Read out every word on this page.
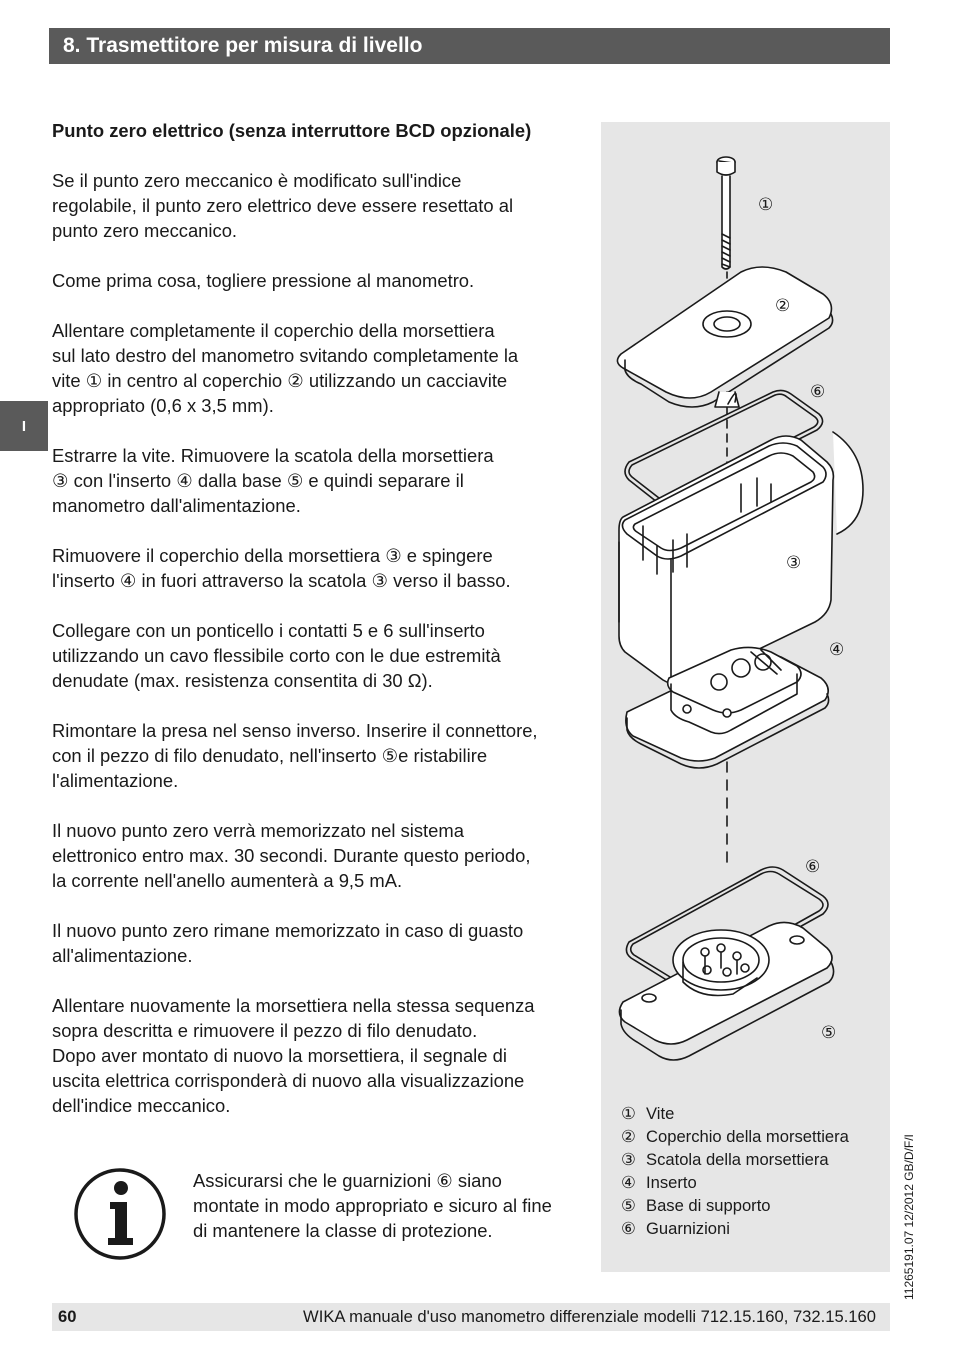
8. Trasmettitore per misura di livello
I
Punto zero elettrico (senza interruttore BCD opzionale)

Se il punto zero meccanico è modificato sull'indice
regolabile, il punto zero elettrico deve essere resettato al
punto zero meccanico.

Come prima cosa, togliere pressione al manometro.

Allentare completamente il coperchio della morsettiera
sul lato destro del manometro svitando completamente la
vite ① in centro al coperchio ② utilizzando un cacciavite
appropriato (0,6 x 3,5 mm).

Estrarre la vite. Rimuovere la scatola della morsettiera
③ con l'inserto ④ dalla base ⑤ e quindi separare il
manometro dall'alimentazione.

Rimuovere il coperchio della morsettiera ③ e spingere
l'inserto ④ in fuori attraverso la scatola ③ verso il basso.

Collegare con un ponticello i contatti 5 e 6 sull'inserto
utilizzando un cavo flessibile corto con le due estremità
denudate (max. resistenza consentita di 30 Ω).

Rimontare la presa nel senso inverso. Inserire il connettore,
con il pezzo di filo denudato, nell'inserto ⑤e ristabilire
l'alimentazione.

Il nuovo punto zero verrà memorizzato nel sistema
elettronico entro max. 30 secondi. Durante questo periodo,
la corrente nell'anello aumenterà a 9,5 mA.

Il nuovo punto zero rimane memorizzato in caso di guasto
all'alimentazione.

Allentare nuovamente la morsettiera nella stessa sequenza
sopra descritta e rimuovere il pezzo di filo denudato.
Dopo aver montato di nuovo la morsettiera, il segnale di
uscita elettrica corrisponderà di nuovo alla visualizzazione
dell'indice meccanico.

Assicurarsi che le guarnizioni ⑥ siano
montate in modo appropriato e sicuro al fine
di mantenere la classe di protezione.
①
②
⑥
③
④
⑥
⑤
① Vite
② Coperchio della morsettiera
③ Scatola della morsettiera
④ Inserto
⑤ Base di supporto
⑥ Guarnizioni	11265191.07 12/2012 GB/D/F/I
60	WIKA manuale d'uso manometro differenziale modelli 712.15.160, 732.15.160
